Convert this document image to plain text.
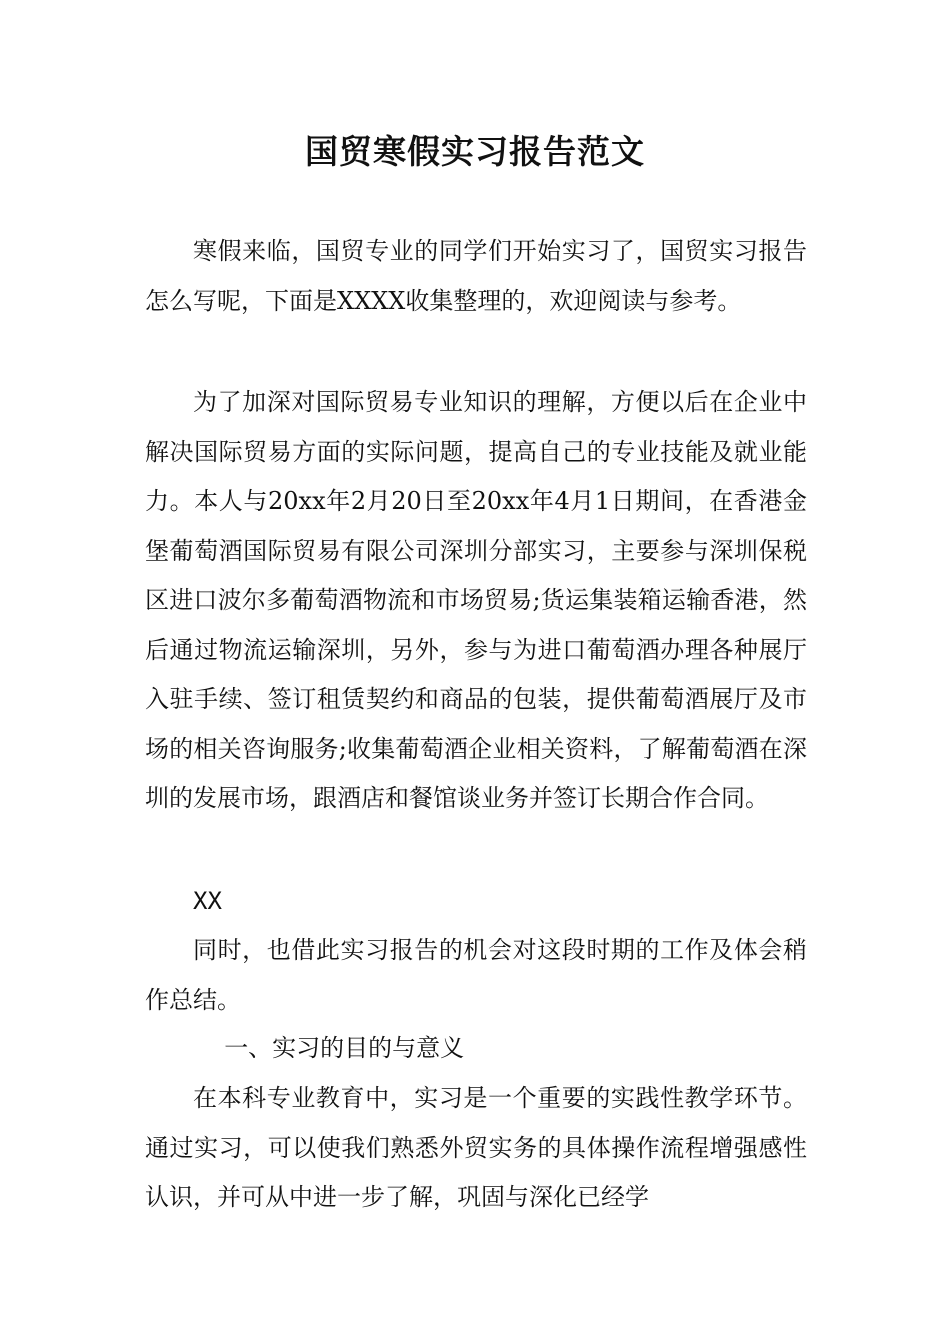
国贸寒假实习报告范文

寒假来临，国贸专业的同学们开始实习了，国贸实习报告怎么写呢，下面是XXXX收集整理的，欢迎阅读与参考。

为了加深对国际贸易专业知识的理解，方便以后在企业中解决国际贸易方面的实际问题，提高自己的专业技能及就业能力。本人与20xx年2月20日至20xx年4月1日期间，在香港金堡葡萄酒国际贸易有限公司深圳分部实习，主要参与深圳保税区进口波尔多葡萄酒物流和市场贸易;货运集装箱运输香港，然后通过物流运输深圳，另外，参与为进口葡萄酒办理各种展厅入驻手续、签订租赁契约和商品的包装，提供葡萄酒展厅及市场的相关咨询服务;收集葡萄酒企业相关资料，了解葡萄酒在深圳的发展市场，跟酒店和餐馆谈业务并签订长期合作合同。

XX

同时，也借此实习报告的机会对这段时期的工作及体会稍作总结。

一、实习的目的与意义

在本科专业教育中，实习是一个重要的实践性教学环节。通过实习，可以使我们熟悉外贸实务的具体操作流程增强感性认识，并可从中进一步了解，巩固与深化已经学
